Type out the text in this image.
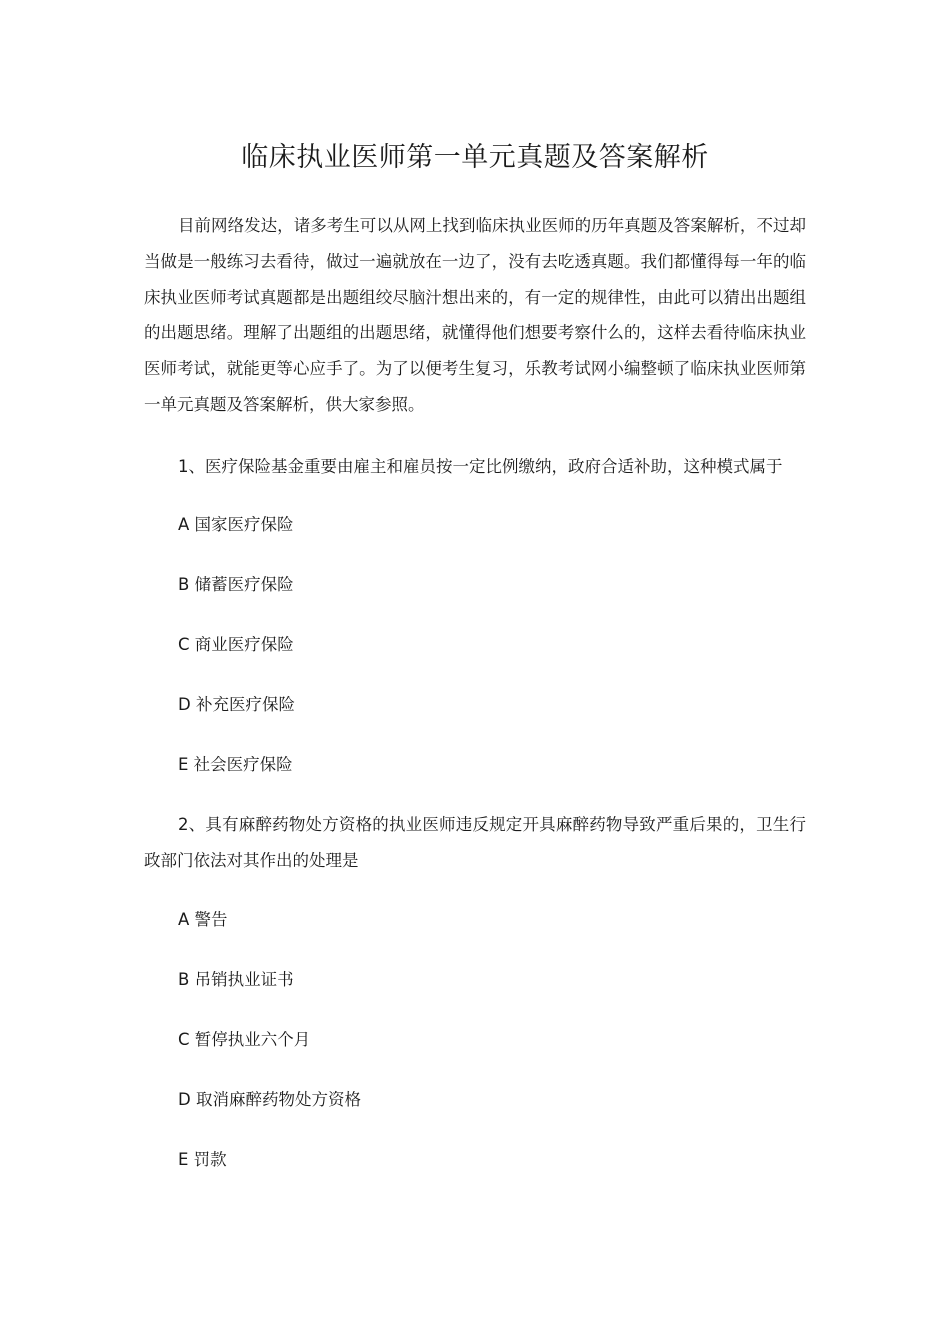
临床执业医师第一单元真题及答案解析

目前网络发达，诸多考生可以从网上找到临床执业医师的历年真题及答案解析，不过却当做是一般练习去看待，做过一遍就放在一边了，没有去吃透真题。我们都懂得每一年的临床执业医师考试真题都是出题组绞尽脑汁想出来的，有一定的规律性，由此可以猜出出题组的出题思绪。理解了出题组的出题思绪，就懂得他们想要考察什么的，这样去看待临床执业医师考试，就能更等心应手了。为了以便考生复习，乐教考试网小编整顿了临床执业医师第一单元真题及答案解析，供大家参照。

1、医疗保险基金重要由雇主和雇员按一定比例缴纳，政府合适补助，这种模式属于

A 国家医疗保险

B 储蓄医疗保险

C 商业医疗保险

D 补充医疗保险

E 社会医疗保险

2、具有麻醉药物处方资格的执业医师违反规定开具麻醉药物导致严重后果的，卫生行政部门依法对其作出的处理是

A 警告

B 吊销执业证书

C 暂停执业六个月

D 取消麻醉药物处方资格

E 罚款
